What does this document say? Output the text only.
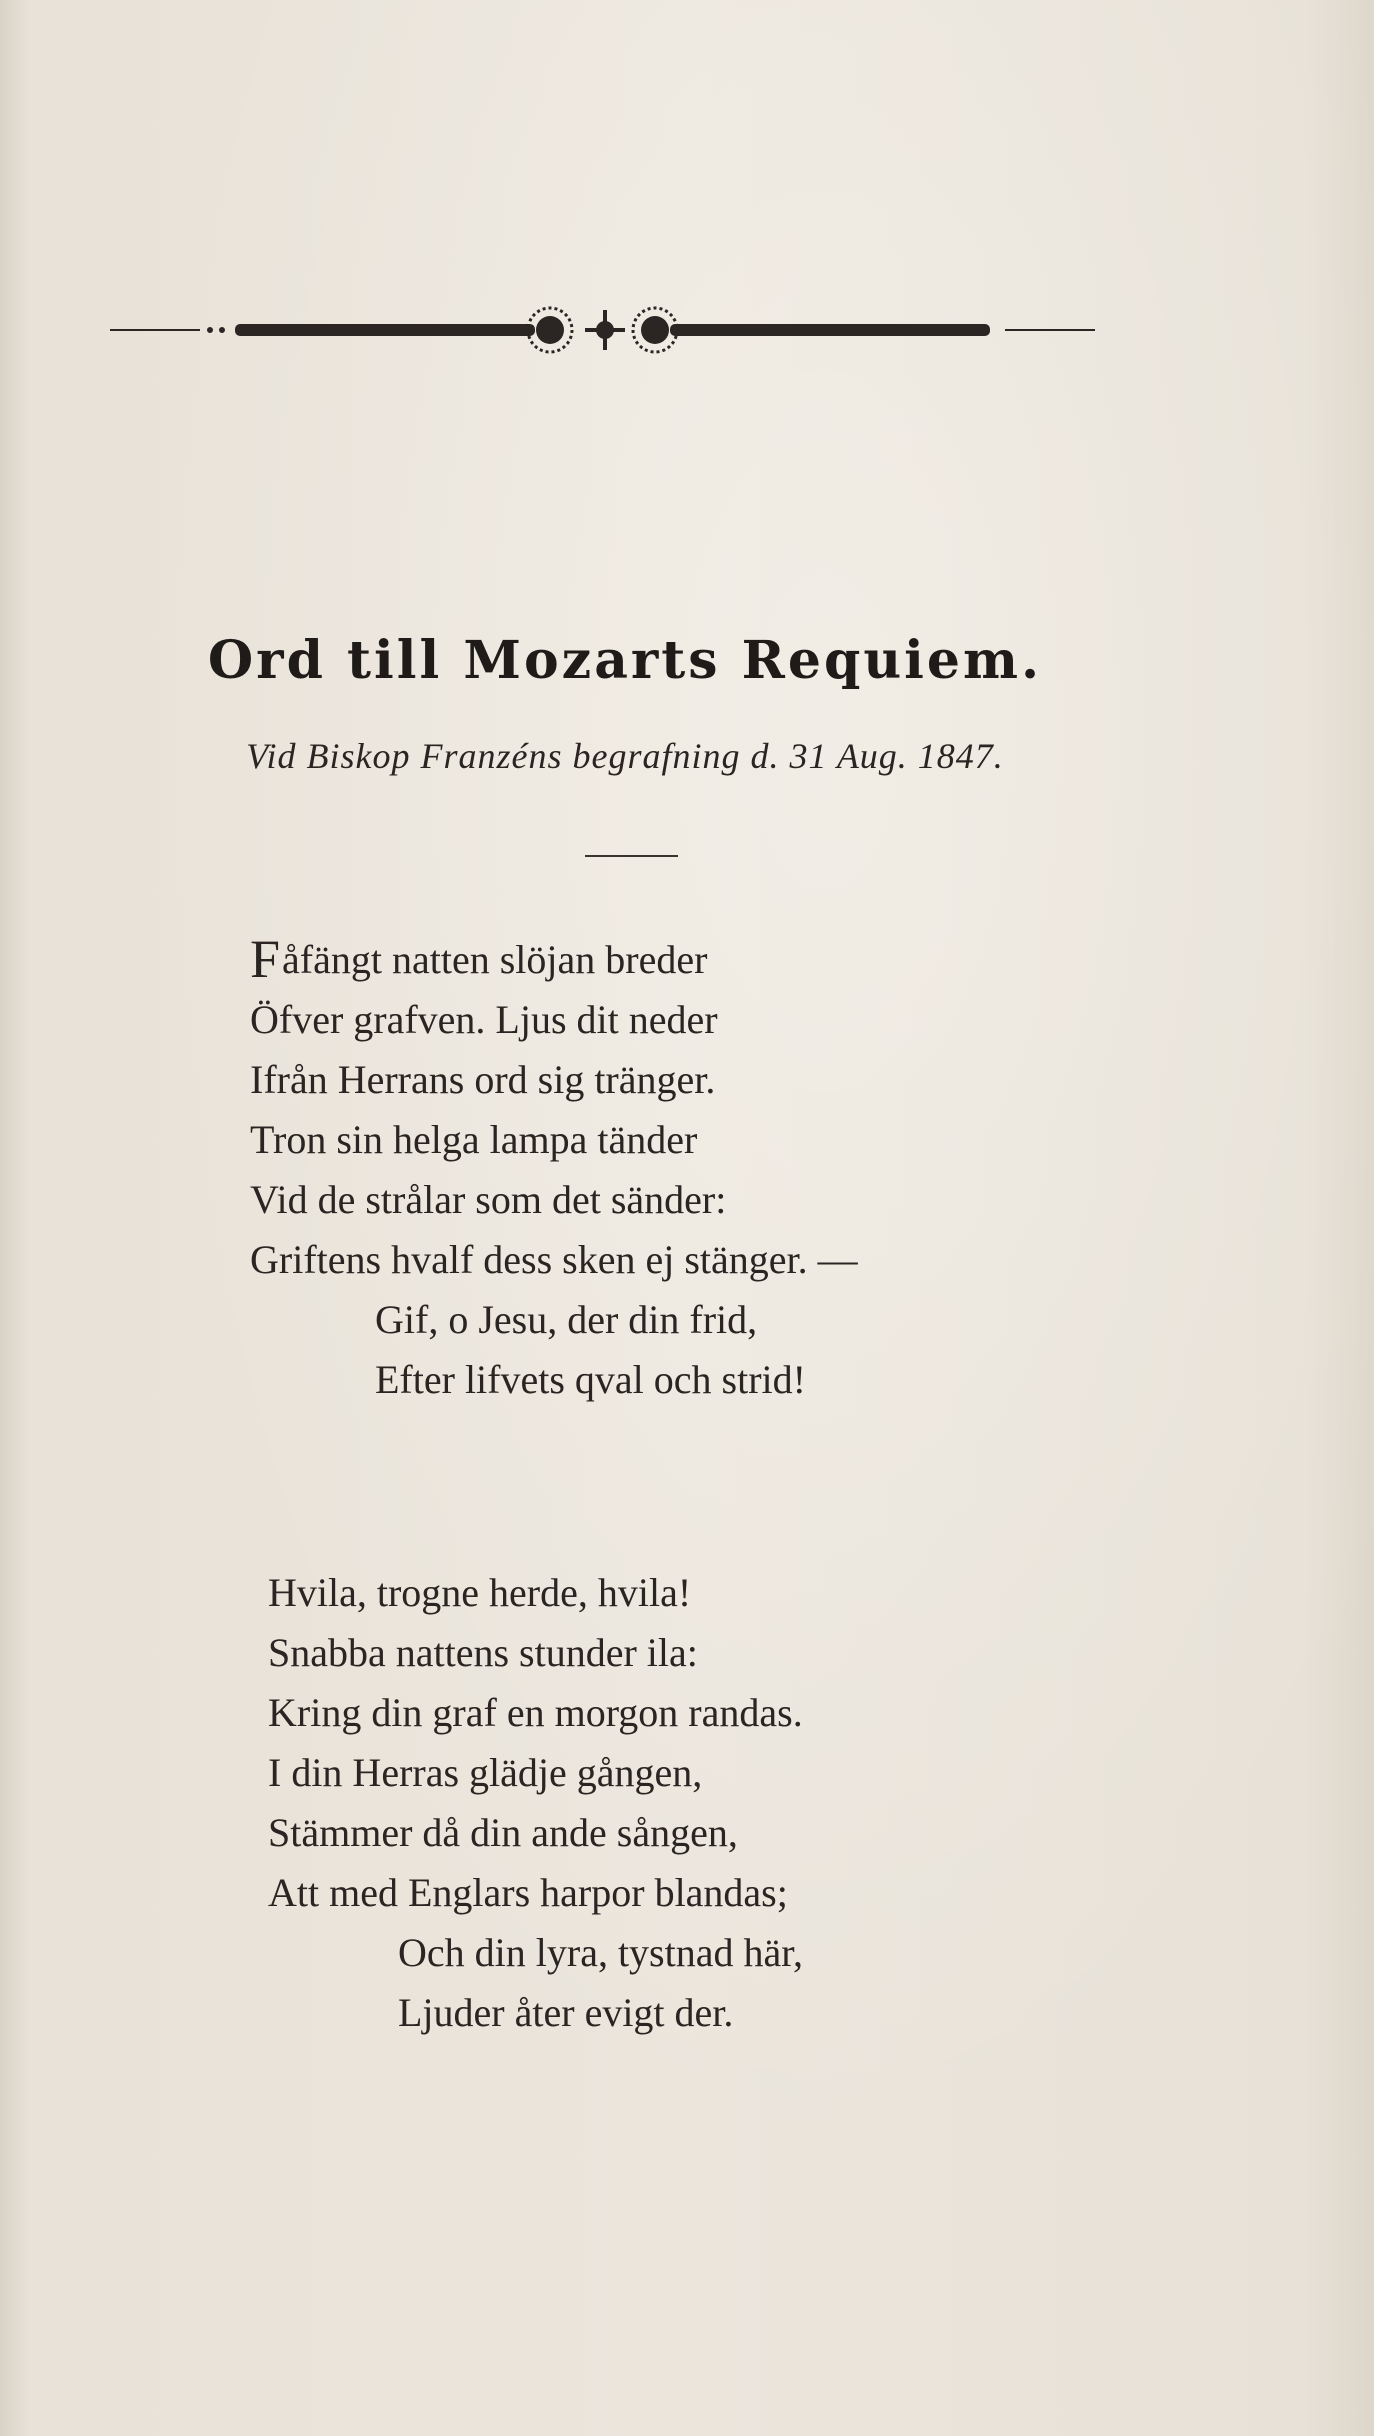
Ord till Mozarts Requiem.
Vid Biskop Franzéns begrafning d. 31 Aug. 1847.
Fåfängt natten slöjan breder
Öfver grafven. Ljus dit neder
Ifrån Herrans ord sig tränger.
Tron sin helga lampa tänder
Vid de strålar som det sänder:
Griftens hvalf dess sken ej stänger. —
Gif, o Jesu, der din frid,
Efter lifvets qval och strid!
Hvila, trogne herde, hvila!
Snabba nattens stunder ila:
Kring din graf en morgon randas.
I din Herras glädje gången,
Stämmer då din ande sången,
Att med Englars harpor blandas;
Och din lyra, tystnad här,
Ljuder åter evigt der.
